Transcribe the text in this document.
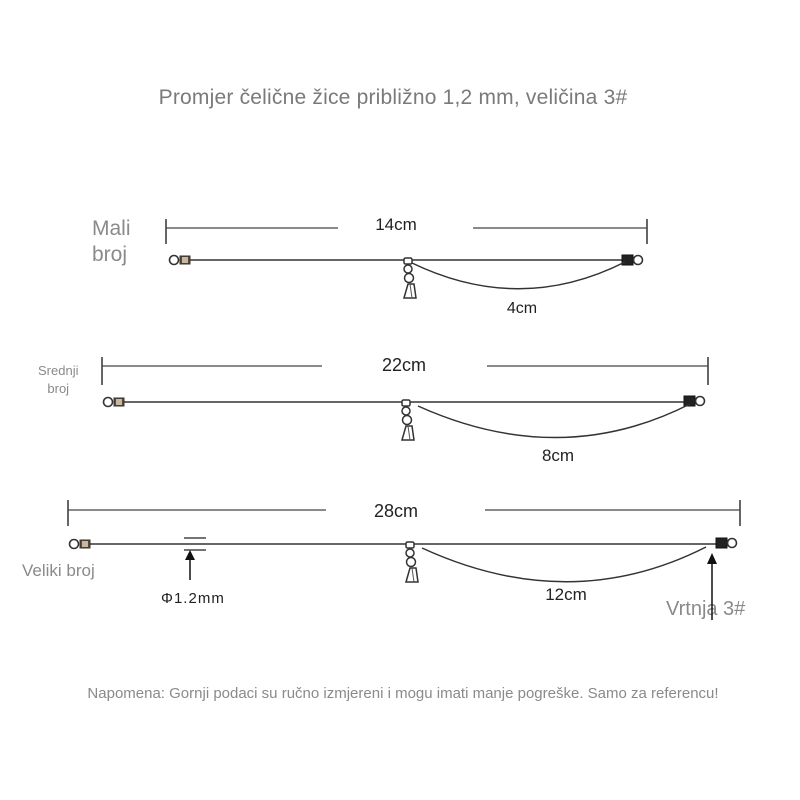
Promjer čelične žice približno 1,2 mm, veličina 3#
Mali
broj
Srednji
broj
Veliki broj
Vrtnja 3#
Φ1.2mm
Napomena: Gornji podaci su ručno izmjereni i mogu imati manje pogreške. Samo za referencu!
14cm
4cm
22cm
8cm
28cm
12cm
